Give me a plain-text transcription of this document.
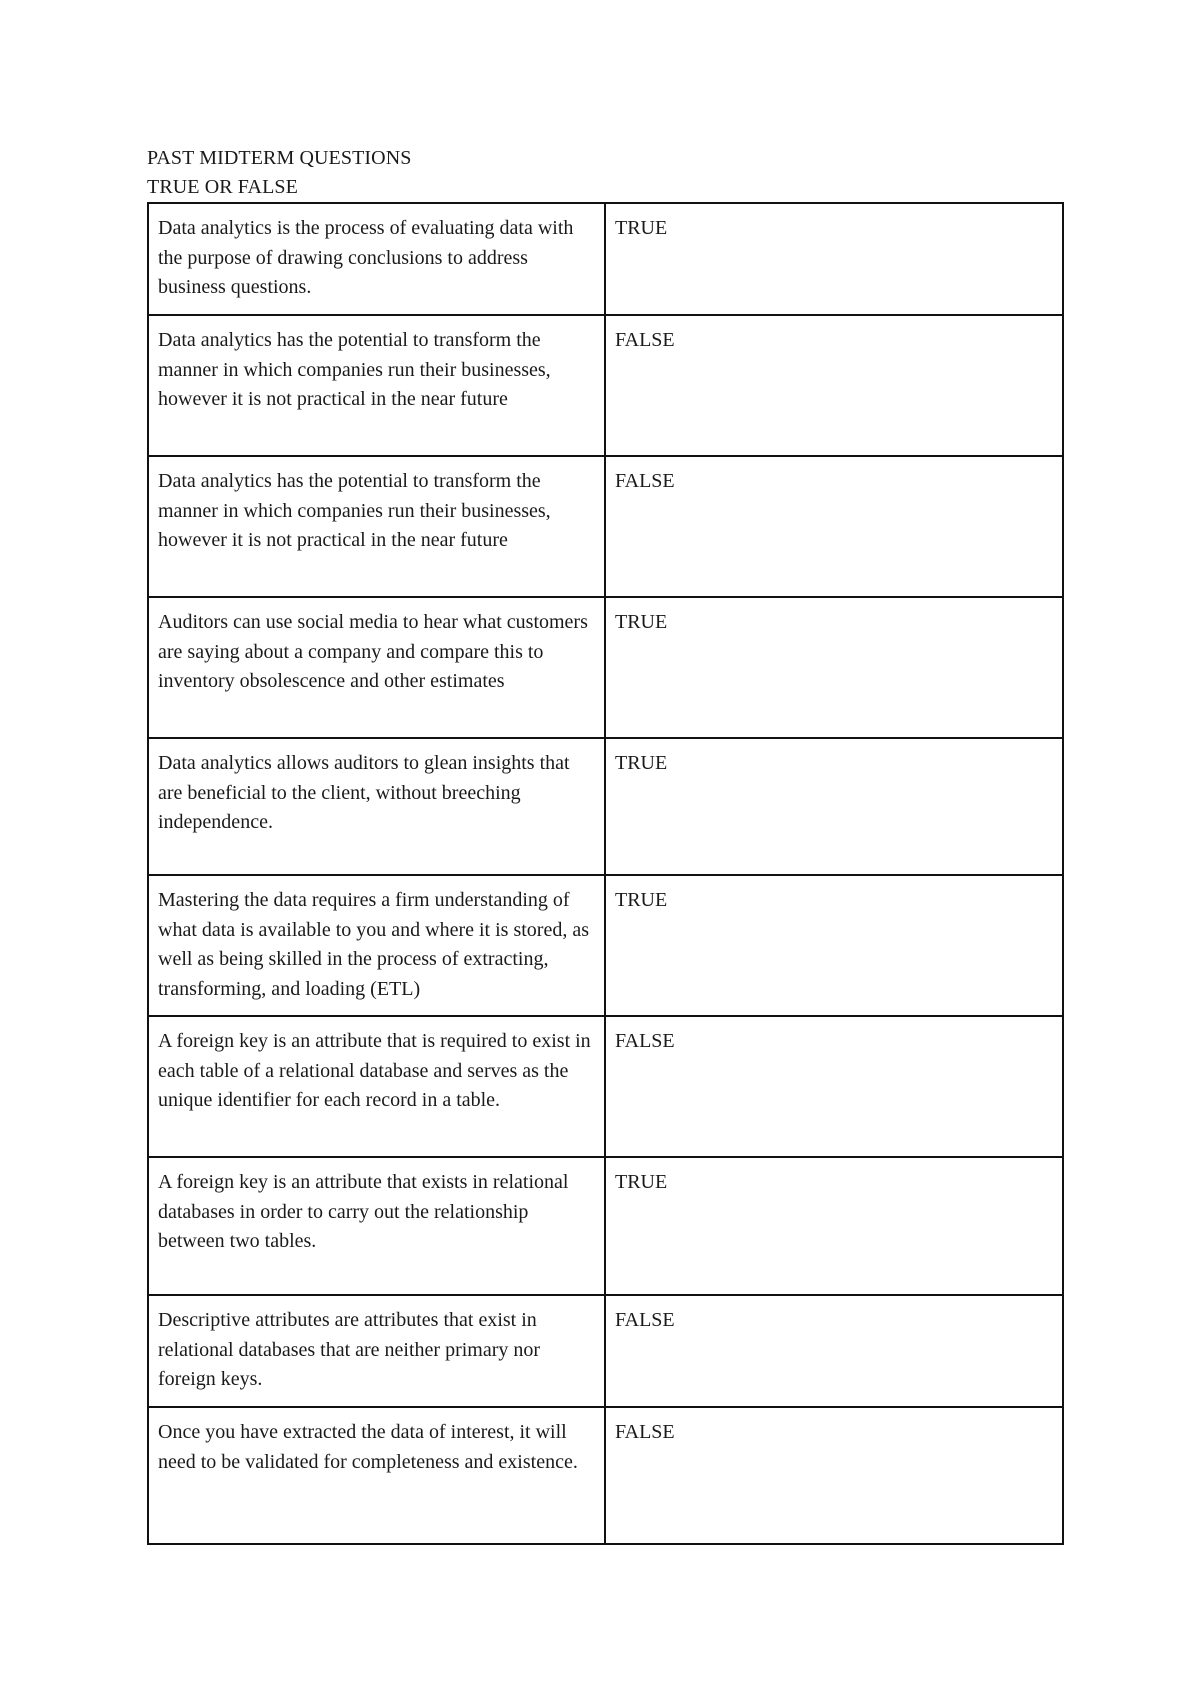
PAST MIDTERM QUESTIONS

TRUE OR FALSE

Data analytics is the process of evaluating data with the purpose of drawing conclusions to address business questions.	TRUE
Data analytics has the potential to transform the manner in which companies run their businesses, however it is not practical in the near future	FALSE
Data analytics has the potential to transform the manner in which companies run their businesses, however it is not practical in the near future	FALSE
Auditors can use social media to hear what customers are saying about a company and compare this to inventory obsolescence and other estimates	TRUE
Data analytics allows auditors to glean insights that are beneficial to the client, without breeching independence.	TRUE
Mastering the data requires a firm understanding of what data is available to you and where it is stored, as well as being skilled in the process of extracting, transforming, and loading (ETL)	TRUE
A foreign key is an attribute that is required to exist in each table of a relational database and serves as the unique identifier for each record in a table.	FALSE
A foreign key is an attribute that exists in relational databases in order to carry out the relationship between two tables.	TRUE
Descriptive attributes are attributes that exist in relational databases that are neither primary nor foreign keys.	FALSE
Once you have extracted the data of interest, it will need to be validated for completeness and existence.	FALSE
